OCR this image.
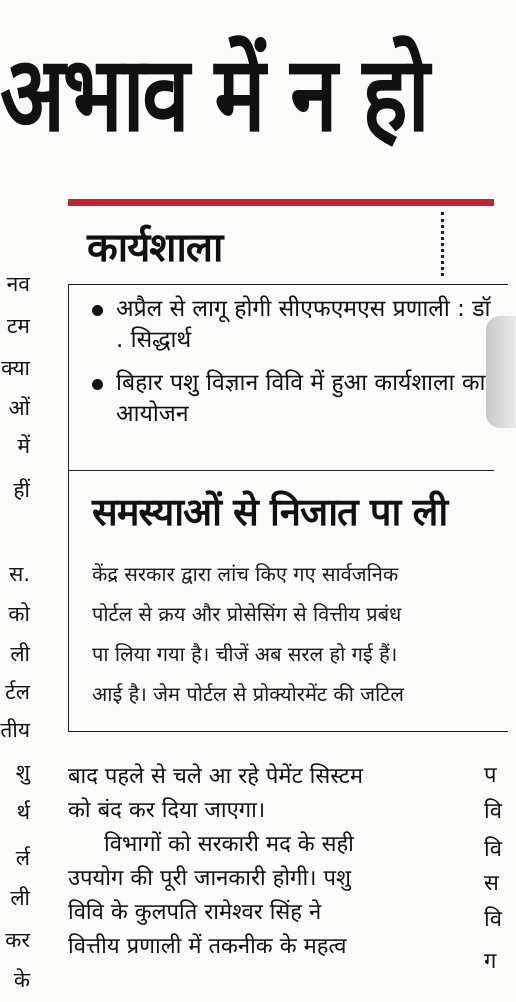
अभाव में न हो
नव
टम
क्या
ओं
में
हीं
स.
को
ली
र्टल
तीय
शु
र्थ
र्ल
ली
कर
के
कार्यशाला
अप्रैल से लागू होगी सीएफएमएस प्रणाली : डॉ . सिद्धार्थ
बिहार पशु विज्ञान विवि में हुआ कार्यशाला का आयोजन
समस्याओं से निजात पा ली
केंद्र सरकार द्वारा लांच किए गए सार्वजनिक
पोर्टल से क्रय और प्रोसेसिंग से वित्तीय प्रबंध
पा लिया गया है। चीजें अब सरल हो गई हैं।
आई है। जेम पोर्टल से प्रोक्योरमेंट की जटिल
बाद पहले से चले आ रहे पेमेंट सिस्टम
को बंद कर दिया जाएगा।
विभागों को सरकारी मद के सही
उपयोग की पूरी जानकारी होगी। पशु
विवि के कुलपति रामेश्वर सिंह ने
वित्तीय प्रणाली में तकनीक के महत्व
प
वि
वि
स
वि
ग
